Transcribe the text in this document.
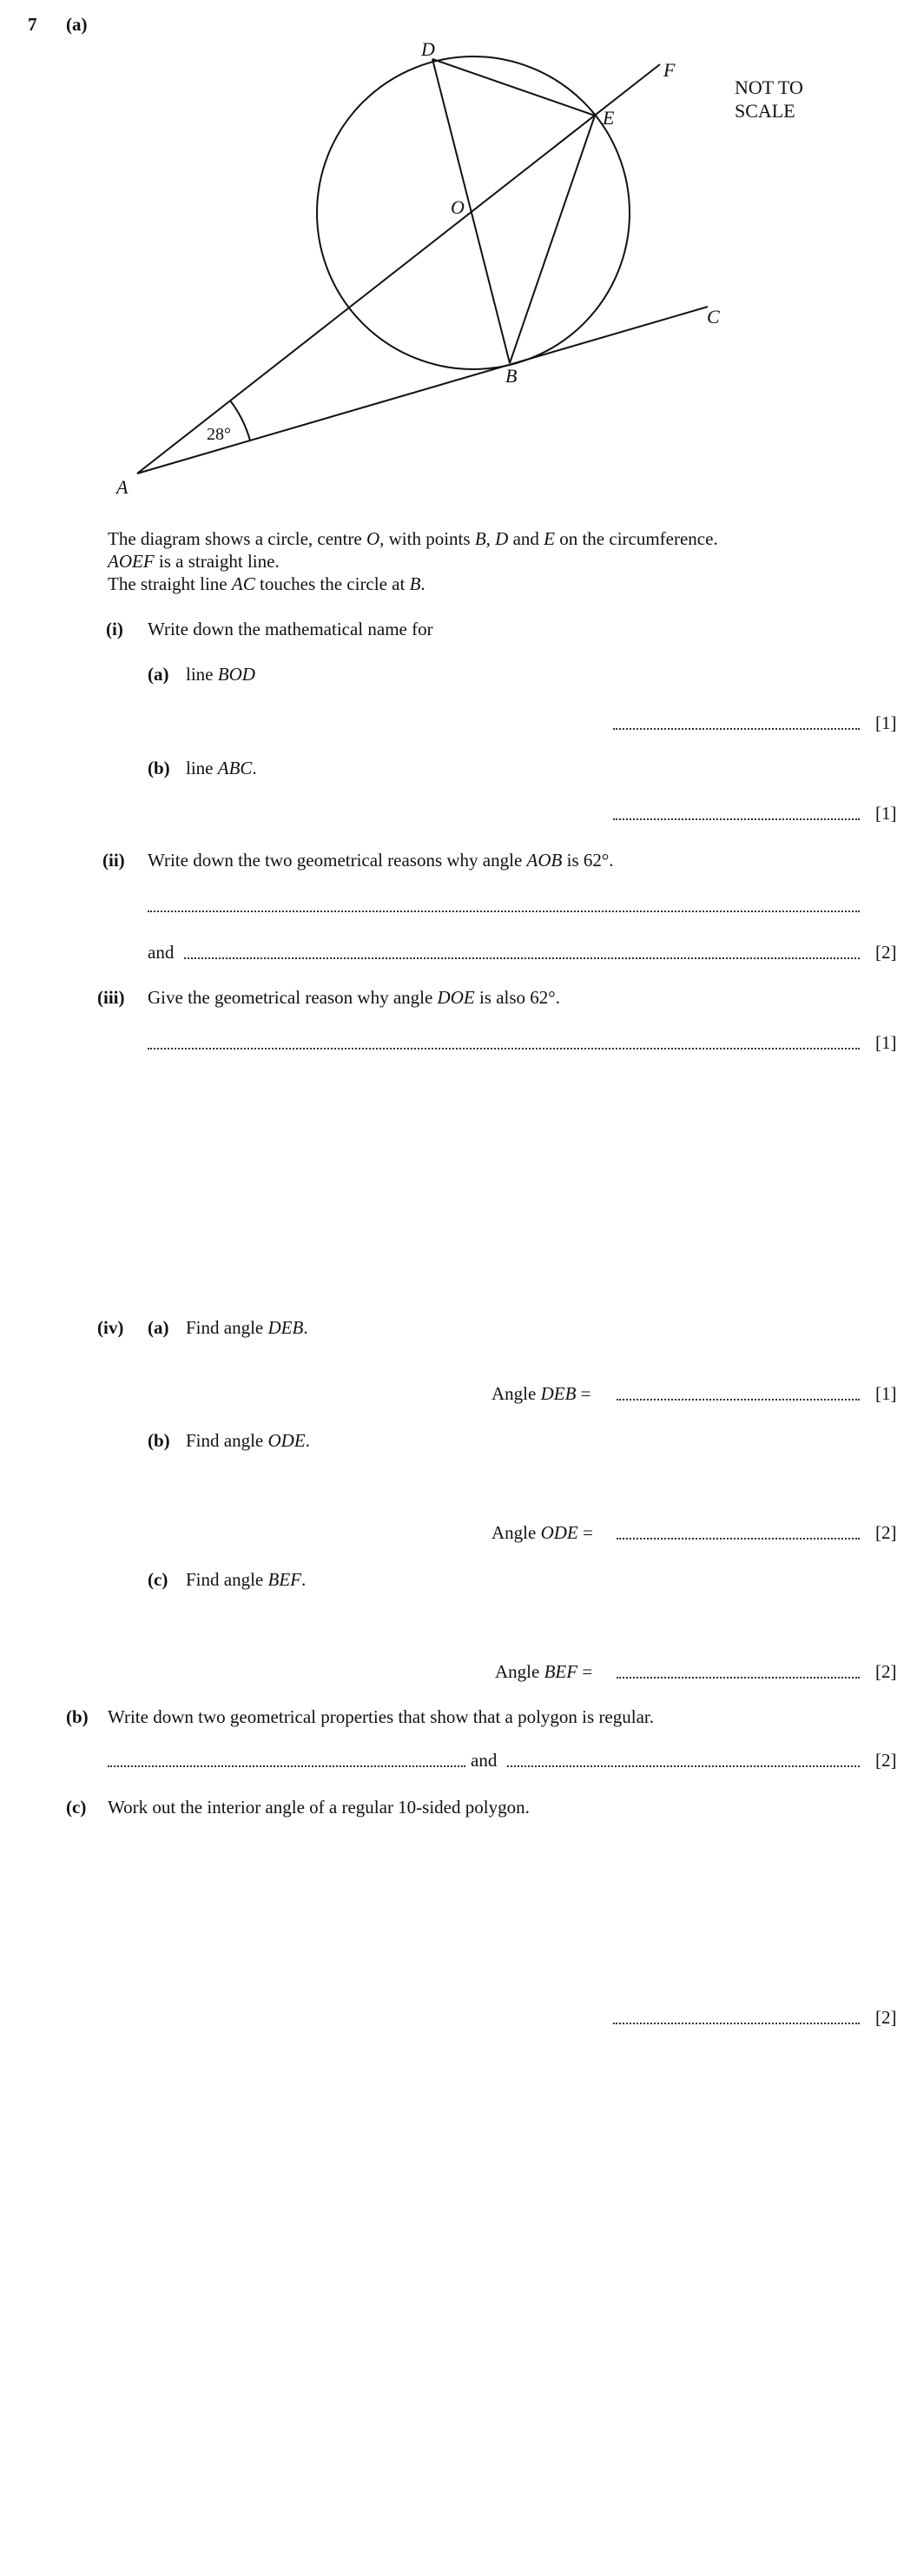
7 (a)
D
F
E
O
C
B
A
28°
NOT TO
SCALE
The diagram shows a circle, centre O, with points B, D and E on the circumference.
AOEF is a straight line.
The straight line AC touches the circle at B.
(i) Write down the mathematical name for
(a) line BOD
[1]
(b) line ABC.
[1]
(ii) Write down the two geometrical reasons why angle AOB is 62°.
and	[2]
(iii) Give the geometrical reason why angle DOE is also 62°.
[1]
(iv) (a) Find angle DEB.
Angle DEB =	[1]
(b) Find angle ODE.
Angle ODE =	[2]
(c) Find angle BEF.
Angle BEF =	[2]
(b) Write down two geometrical properties that show that a polygon is regular.
and	[2]
(c) Work out the interior angle of a regular 10-sided polygon.
[2]
